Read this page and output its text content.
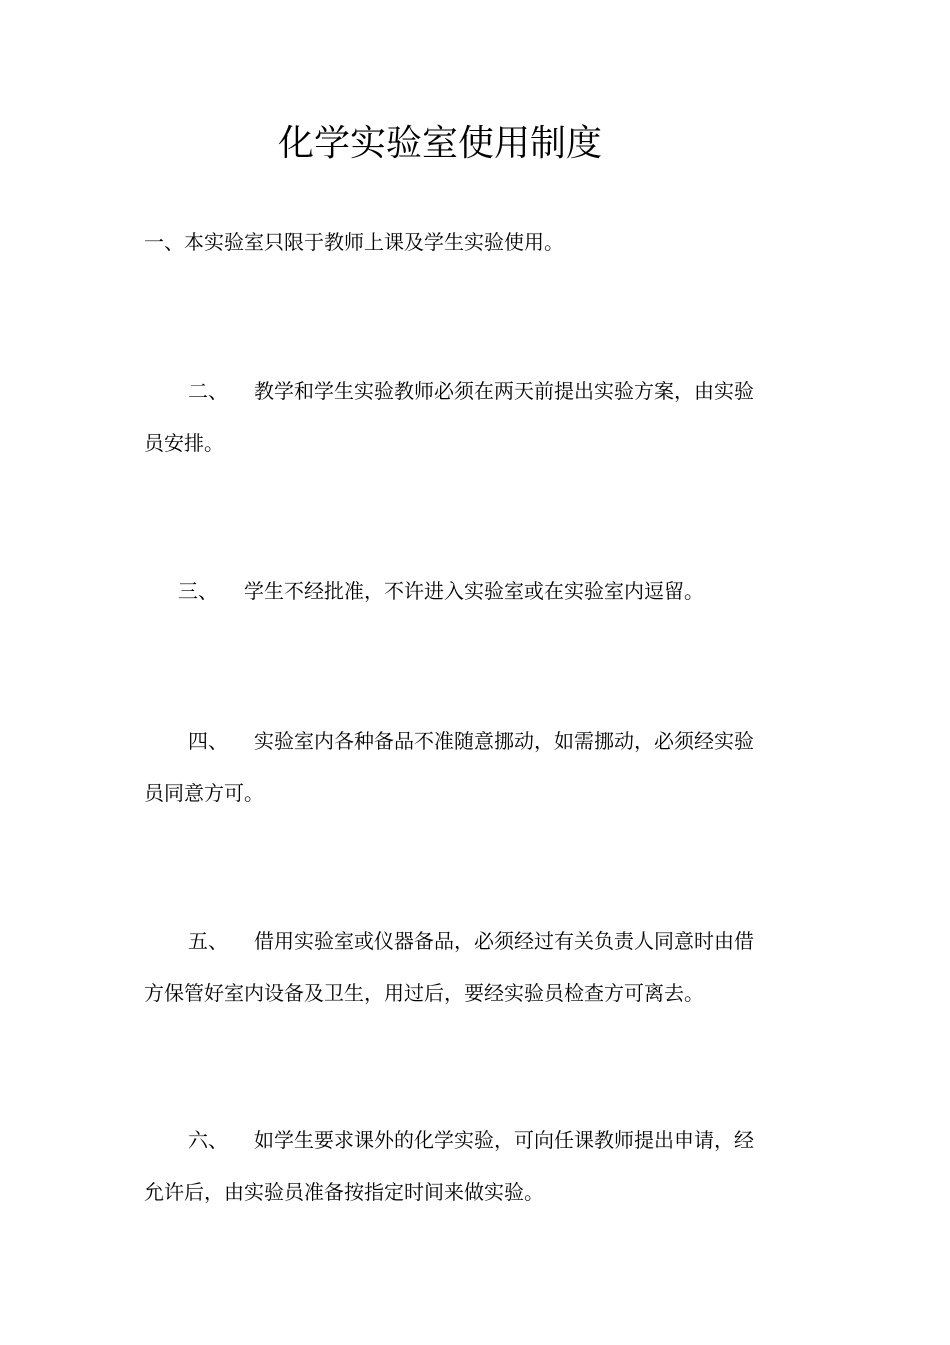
化学实验室使用制度
一、本实验室只限于教师上课及学生实验使用。
二、 教学和学生实验教师必须在两天前提出实验方案，由实验
员安排。
三、 学生不经批准，不许进入实验室或在实验室内逗留。
四、 实验室内各种备品不准随意挪动，如需挪动，必须经实验
员同意方可。
五、 借用实验室或仪器备品，必须经过有关负责人同意时由借
方保管好室内设备及卫生，用过后，要经实验员检查方可离去。
六、 如学生要求课外的化学实验，可向任课教师提出申请，经
允许后，由实验员准备按指定时间来做实验。
